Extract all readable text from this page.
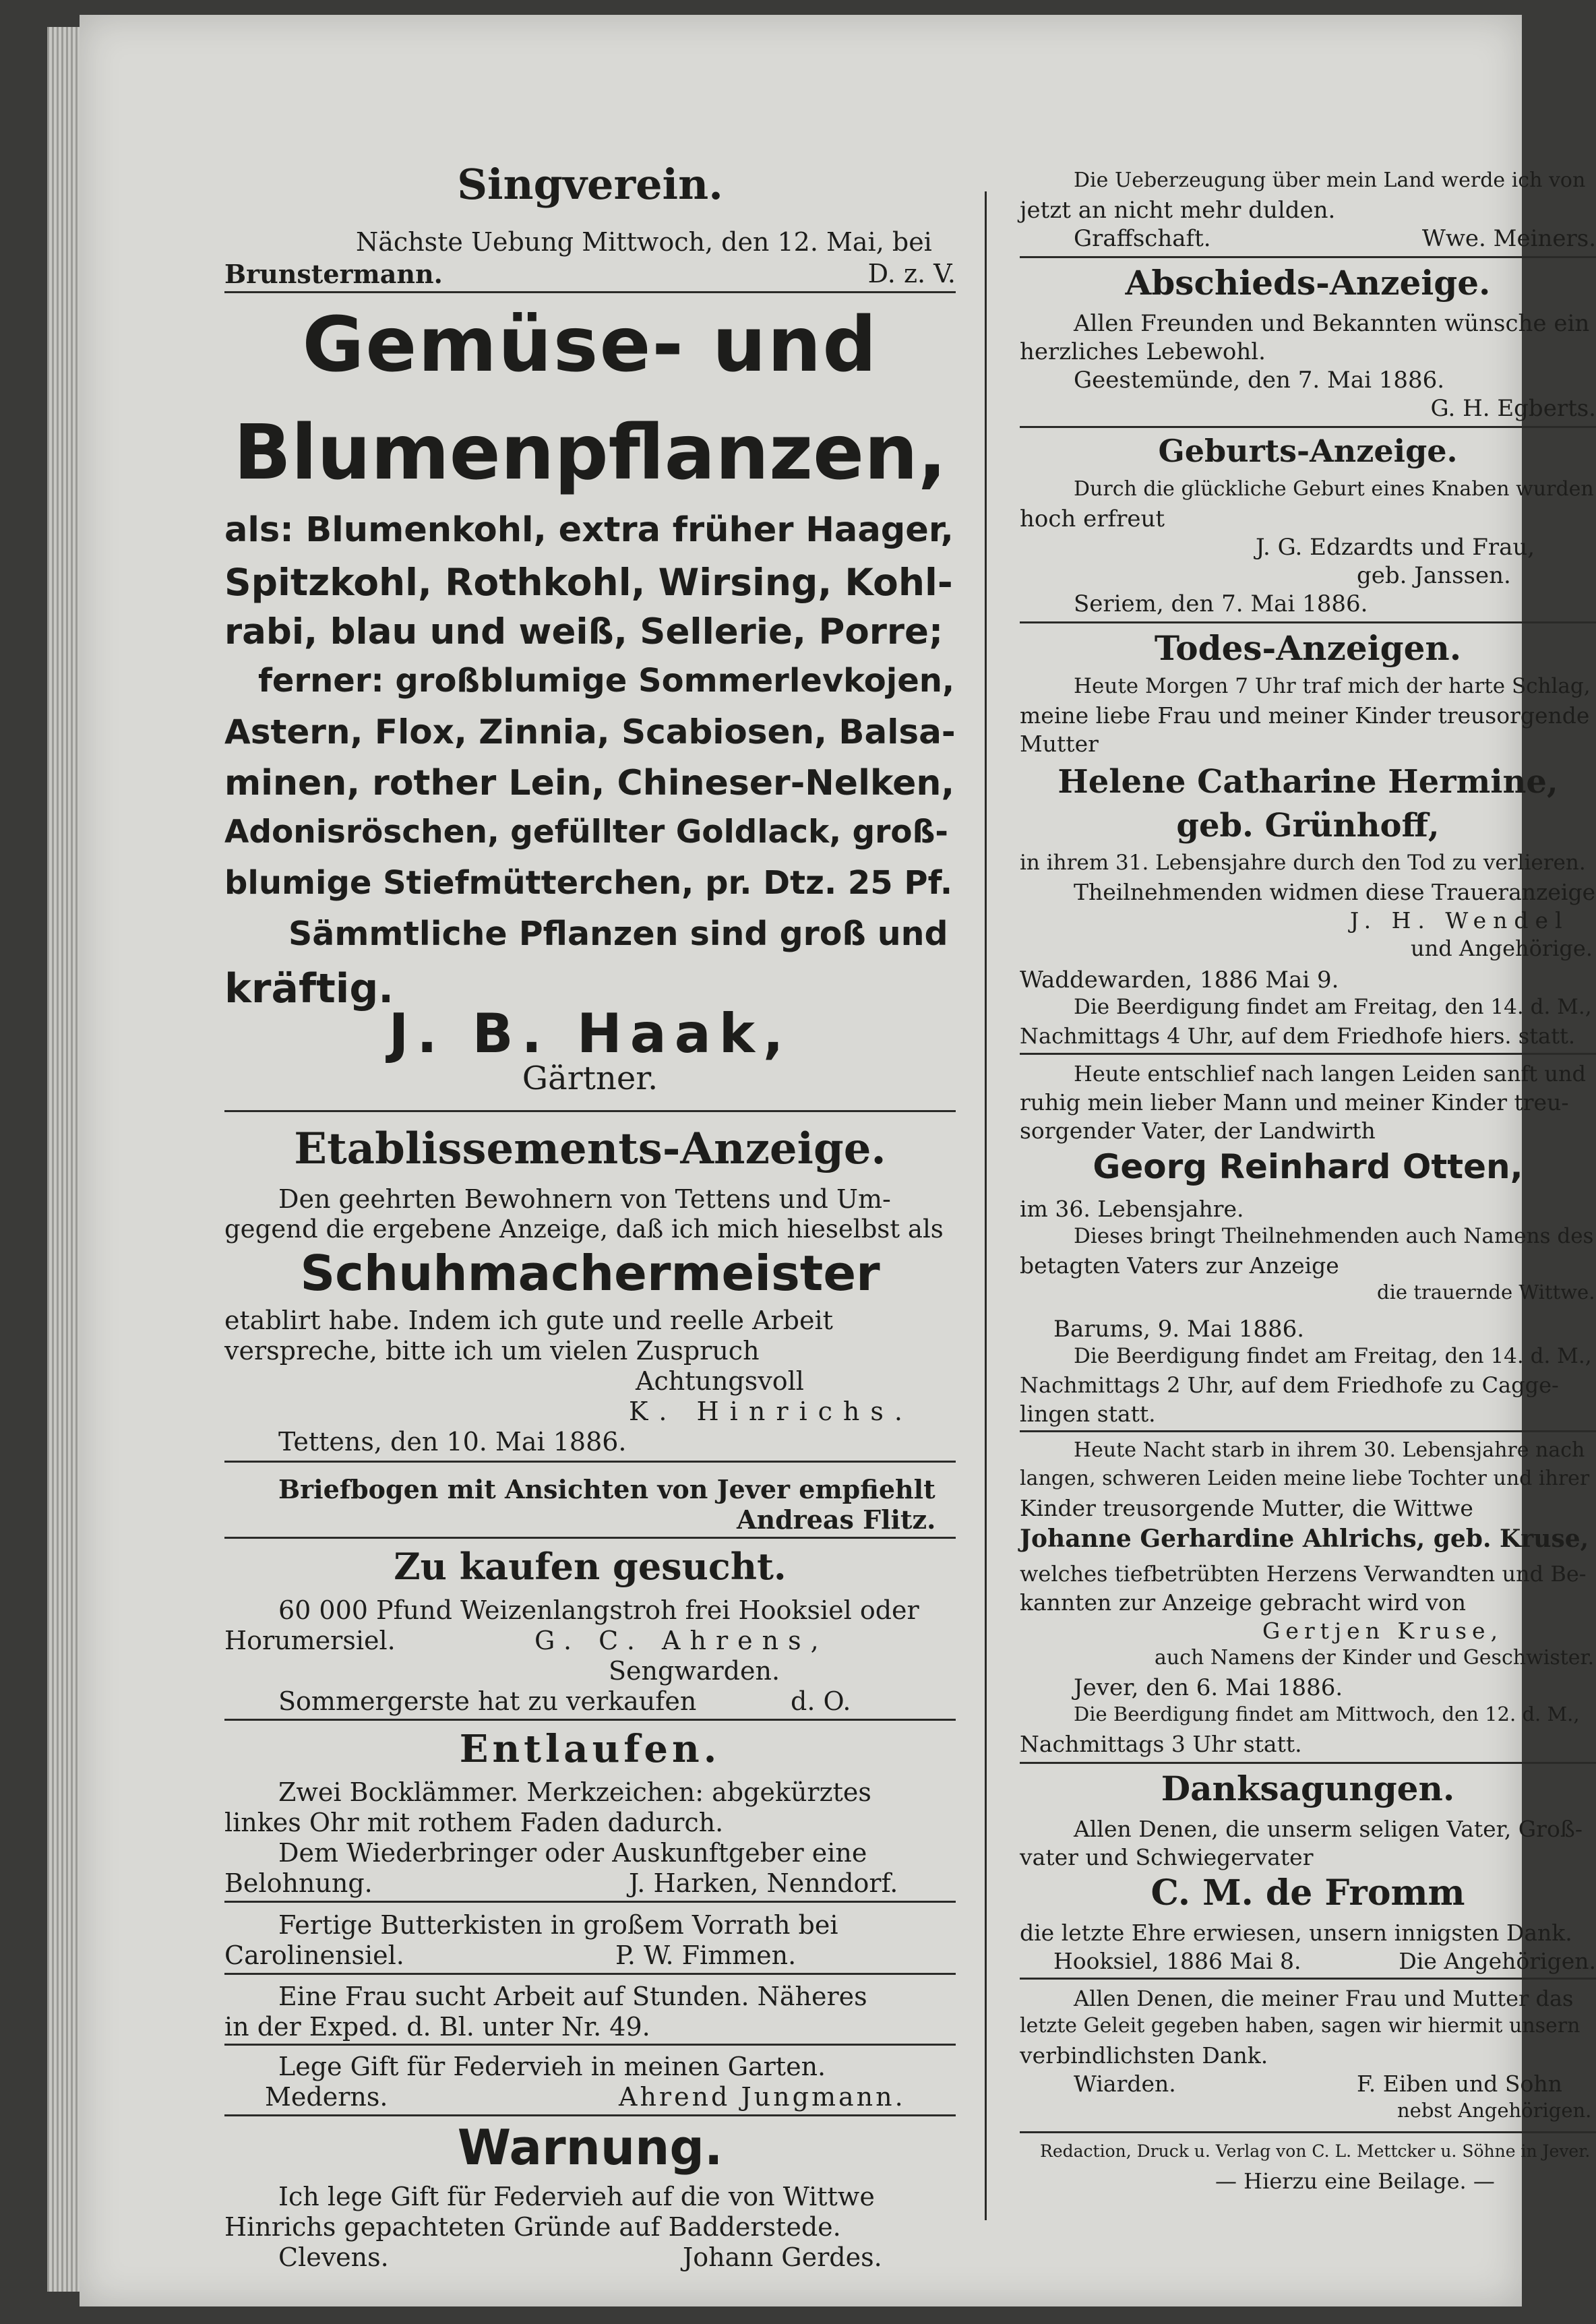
Singverein.
Nächste Uebung Mittwoch, den 12. Mai, bei
Brunstermann.	D. z. V.
Gemüse- und
Blumenpflanzen,
als: Blumenkohl, extra früher Haager,
Spitzkohl, Rothkohl, Wirsing, Kohl-
rabi, blau und weiß, Sellerie, Porre;
ferner: großblumige Sommerlevkojen,
Astern, Flox, Zinnia, Scabiosen, Balsa-
minen, rother Lein, Chineser-Nelken,
Adonisröschen, gefüllter Goldlack, groß-
blumige Stiefmütterchen, pr. Dtz. 25 Pf.
Sämmtliche Pflanzen sind groß und
kräftig.
J. B. Haak,
Gärtner.
Etablissements-Anzeige.
Den geehrten Bewohnern von Tettens und Um-
gegend die ergebene Anzeige, daß ich mich hieselbst als
Schuhmachermeister
etablirt habe. Indem ich gute und reelle Arbeit
verspreche, bitte ich um vielen Zuspruch
Achtungsvoll
K. Hinrichs.
Tettens, den 10. Mai 1886.
Briefbogen mit Ansichten von Jever empfiehlt
Andreas Flitz.
Zu kaufen gesucht.
60 000 Pfund Weizenlangstroh frei Hooksiel oder
Horumersiel.	G. C. Ahrens,
Sengwarden.
Sommergerste hat zu verkaufen	d. O.
Entlaufen.
Zwei Bocklämmer. Merkzeichen: abgekürztes
linkes Ohr mit rothem Faden dadurch.
Dem Wiederbringer oder Auskunftgeber eine
Belohnung.	J. Harken, Nenndorf.
Fertige Butterkisten in großem Vorrath bei
Carolinensiel.	P. W. Fimmen.
Eine Frau sucht Arbeit auf Stunden. Näheres
in der Exped. d. Bl. unter Nr. 49.
Lege Gift für Federvieh in meinen Garten.
Mederns.	Ahrend Jungmann.
Warnung.
Ich lege Gift für Federvieh auf die von Wittwe
Hinrichs gepachteten Gründe auf Badderstede.
Clevens.	Johann Gerdes.
Die Ueberzeugung über mein Land werde ich von
jetzt an nicht mehr dulden.
Graffschaft.	Wwe. Meiners.
Abschieds-Anzeige.
Allen Freunden und Bekannten wünsche ein
herzliches Lebewohl.
Geestemünde, den 7. Mai 1886.
G. H. Egberts.
Geburts-Anzeige.
Durch die glückliche Geburt eines Knaben wurden
hoch erfreut
J. G. Edzardts und Frau,
geb. Janssen.
Seriem, den 7. Mai 1886.
Todes-Anzeigen.
Heute Morgen 7 Uhr traf mich der harte Schlag,
meine liebe Frau und meiner Kinder treusorgende
Mutter
Helene Catharine Hermine,
geb. Grünhoff,
in ihrem 31. Lebensjahre durch den Tod zu verlieren.
Theilnehmenden widmen diese Traueranzeige
J. H. Wendel
und Angehörige.
Waddewarden, 1886 Mai 9.
Die Beerdigung findet am Freitag, den 14. d. M.,
Nachmittags 4 Uhr, auf dem Friedhofe hiers. statt.
Heute entschlief nach langen Leiden sanft und
ruhig mein lieber Mann und meiner Kinder treu-
sorgender Vater, der Landwirth
Georg Reinhard Otten,
im 36. Lebensjahre.
Dieses bringt Theilnehmenden auch Namens des
betagten Vaters zur Anzeige
die trauernde Wittwe.
Barums, 9. Mai 1886.
Die Beerdigung findet am Freitag, den 14. d. M.,
Nachmittags 2 Uhr, auf dem Friedhofe zu Cagge-
lingen statt.
Heute Nacht starb in ihrem 30. Lebensjahre nach
langen, schweren Leiden meine liebe Tochter und ihrer
Kinder treusorgende Mutter, die Wittwe
Johanne Gerhardine Ahlrichs, geb. Kruse,
welches tiefbetrübten Herzens Verwandten und Be-
kannten zur Anzeige gebracht wird von
Gertjen Kruse,
auch Namens der Kinder und Geschwister.
Jever, den 6. Mai 1886.
Die Beerdigung findet am Mittwoch, den 12. d. M.,
Nachmittags 3 Uhr statt.
Danksagungen.
Allen Denen, die unserm seligen Vater, Groß-
vater und Schwiegervater
C. M. de Fromm
die letzte Ehre erwiesen, unsern innigsten Dank.
Hooksiel, 1886 Mai 8.	Die Angehörigen.
Allen Denen, die meiner Frau und Mutter das
letzte Geleit gegeben haben, sagen wir hiermit unsern
verbindlichsten Dank.
Wiarden.	F. Eiben und Sohn
nebst Angehörigen.
Redaction, Druck u. Verlag von C. L. Mettcker u. Söhne in Jever.
— Hierzu eine Beilage. —
